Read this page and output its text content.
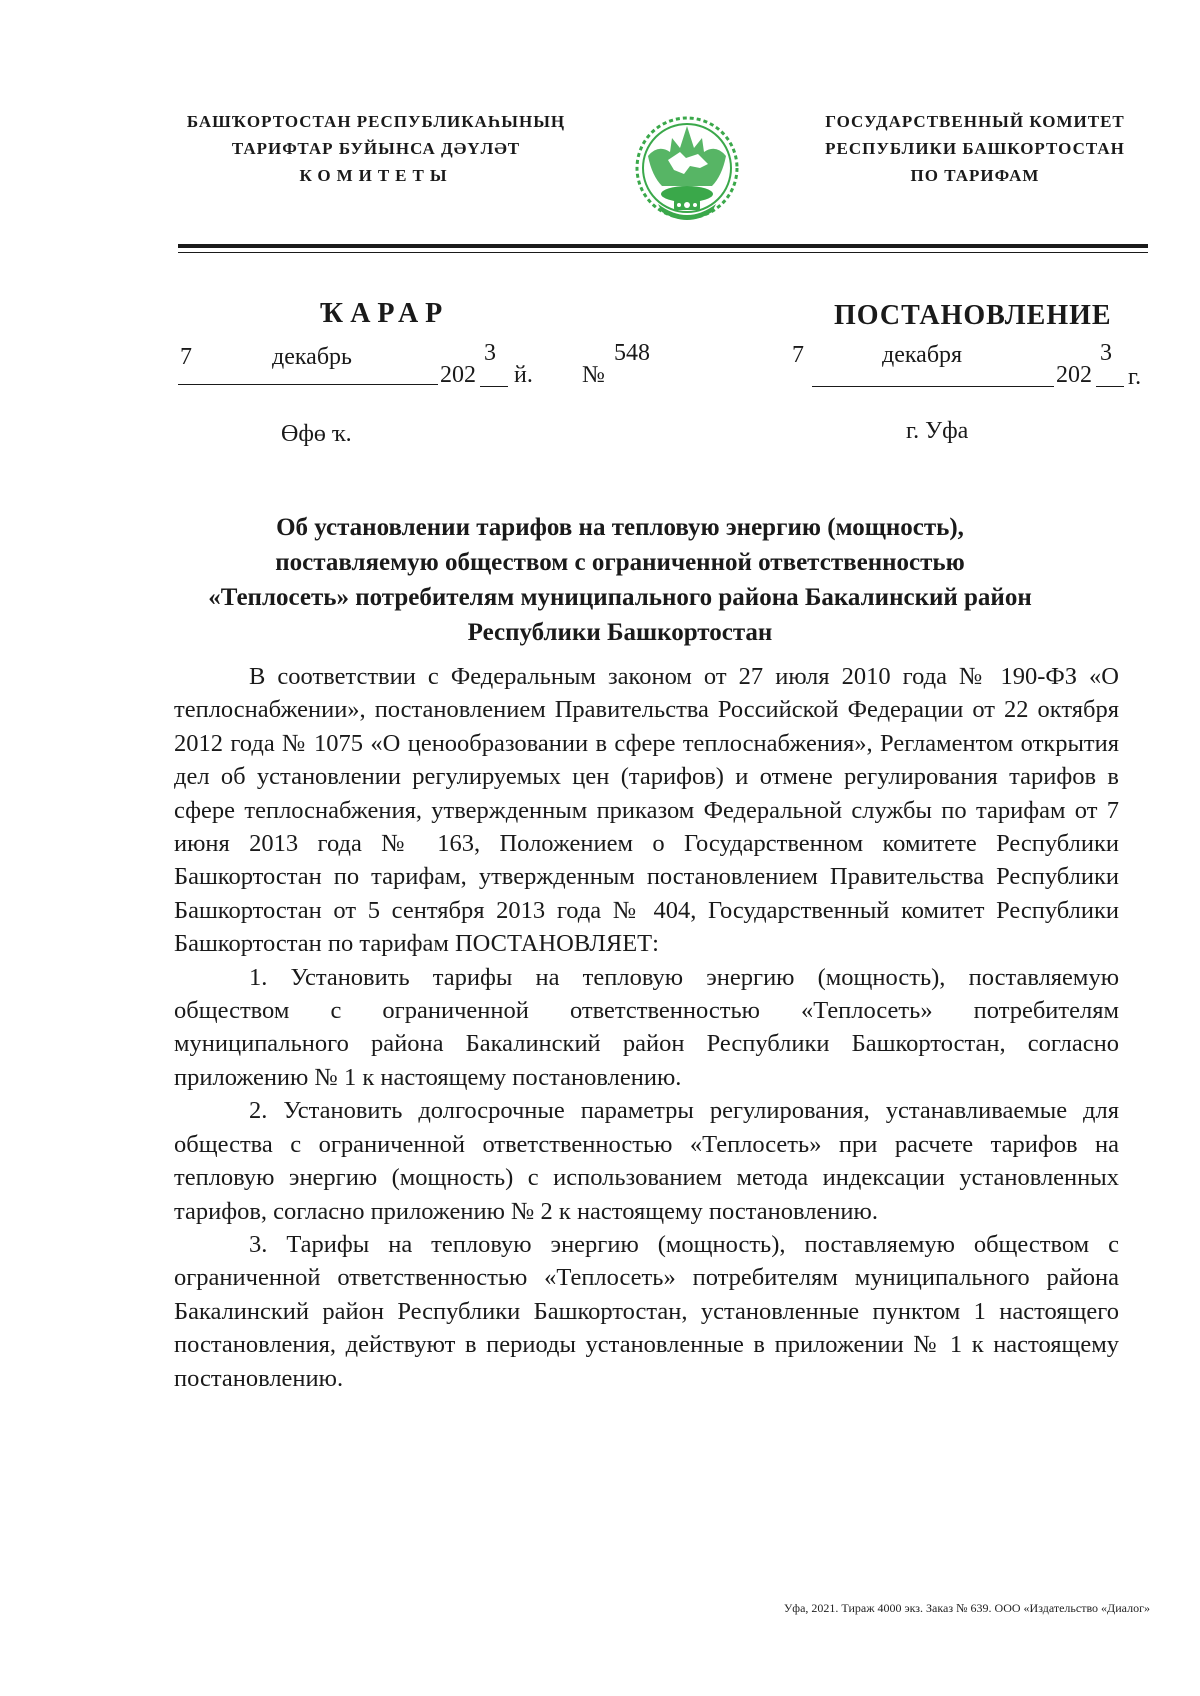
БАШҠОРТОСТАН РЕСПУБЛИКАҺЫНЫҢ
ТАРИФТАР БУЙЫНСА ДӘҮЛӘТ
КОМИТЕТЫ
ГОСУДАРСТВЕННЫЙ КОМИТЕТ
РЕСПУБЛИКИ БАШКОРТОСТАН
ПО ТАРИФАМ
ҠАРАР
7	декабрь
202
3
й. №
548
Өфө ҡ.
ПОСТАНОВЛЕНИЕ
7	декабря
202
3
г.
г. Уфа
Об установлении тарифов на тепловую энергию (мощность),
поставляемую обществом с ограниченной ответственностью
«Теплосеть» потребителям муниципального района Бакалинский район
Республики Башкортостан

В соответствии с Федеральным законом от 27 июля 2010 года № 190-ФЗ «О теплоснабжении», постановлением Правительства Российской Федерации от 22 октября 2012 года № 1075 «О ценообразовании в сфере теплоснабжения», Регламентом открытия дел об установлении регулируемых цен (тарифов) и отмене регулирования тарифов в сфере теплоснабжения, утвержденным приказом Федеральной службы по тарифам от 7 июня 2013 года № 163, Положением о Государственном комитете Республики Башкортостан по тарифам, утвержденным постановлением Правительства Республики Башкортостан от 5 сентября 2013 года № 404, Государственный комитет Республики Башкортостан по тарифам ПОСТАНОВЛЯЕТ:

1. Установить тарифы на тепловую энергию (мощность), поставляемую обществом с ограниченной ответственностью «Теплосеть» потребителям муниципального района Бакалинский район Республики Башкортостан, согласно приложению № 1 к настоящему постановлению.

2. Установить долгосрочные параметры регулирования, устанавливаемые для общества с ограниченной ответственностью «Теплосеть» при расчете тарифов на тепловую энергию (мощность) с использованием метода индексации установленных тарифов, согласно приложению № 2 к настоящему постановлению.

3. Тарифы на тепловую энергию (мощность), поставляемую обществом с ограниченной ответственностью «Теплосеть» потребителям муниципального района Бакалинский район Республики Башкортостан, установленные пунктом 1 настоящего постановления, действуют в периоды установленные в приложении № 1 к настоящему постановлению.

Уфа, 2021. Тираж 4000 экз. Заказ № 639. ООО «Издательство «Диалог»
